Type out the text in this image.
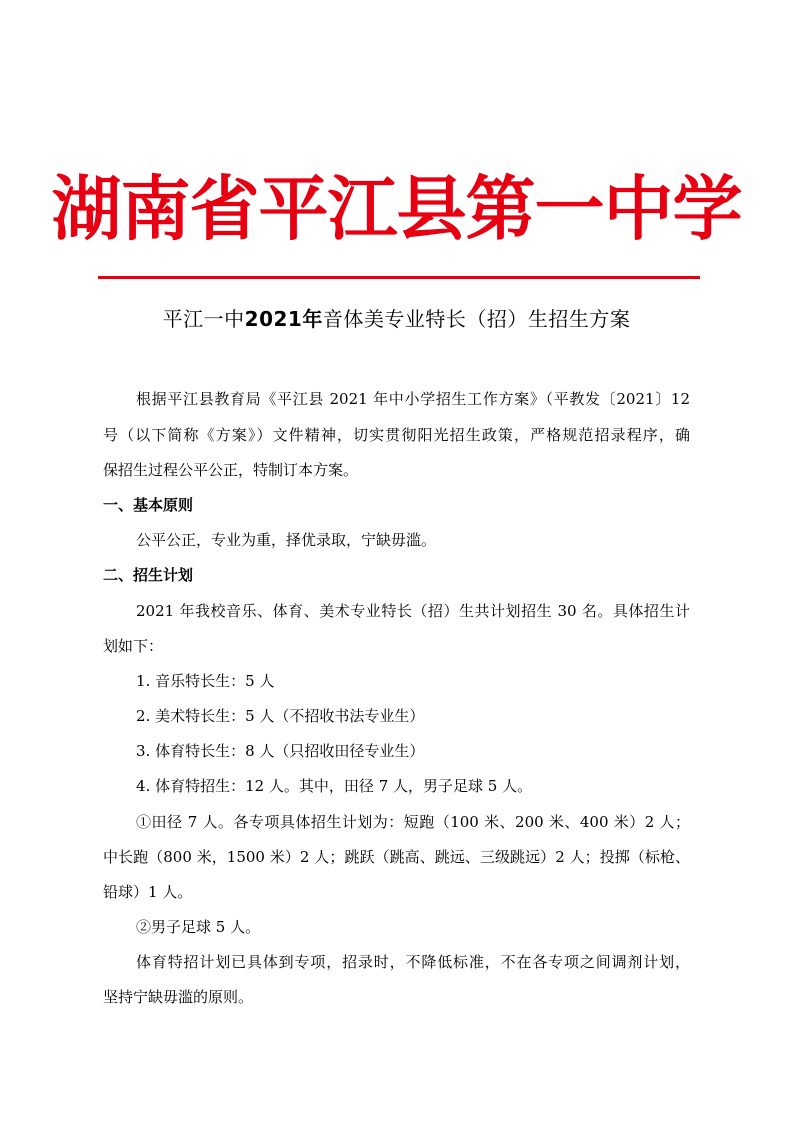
湖南省平江县第一中学
平江一中2021年音体美专业特长（招）生招生方案
根据平江县教育局《平江县 2021 年中小学招生工作方案》（平教发〔2021〕12
号（以下简称《方案》）文件精神，切实贯彻阳光招生政策，严格规范招录程序，确
保招生过程公平公正，特制订本方案。
一、基本原则
公平公正，专业为重，择优录取，宁缺毋滥。
二、招生计划
2021 年我校音乐、体育、美术专业特长（招）生共计划招生 30 名。具体招生计
划如下：
1. 音乐特长生：5 人
2. 美术特长生：5 人（不招收书法专业生）
3. 体育特长生：8 人（只招收田径专业生）
4. 体育特招生：12 人。其中，田径 7 人，男子足球 5 人。
①田径 7 人。各专项具体招生计划为：短跑（100 米、200 米、400 米）2 人；
中长跑（800 米，1500 米）2 人；跳跃（跳高、跳远、三级跳远）2 人；投掷（标枪、
铅球）1 人。
②男子足球 5 人。
体育特招计划已具体到专项，招录时，不降低标准，不在各专项之间调剂计划，
坚持宁缺毋滥的原则。
